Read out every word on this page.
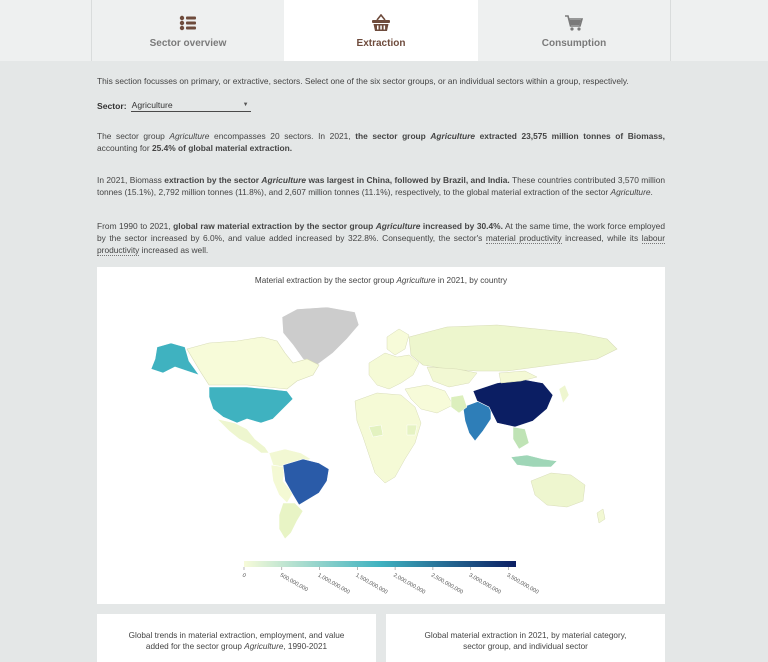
Sector overview	Extraction	Consumption
This section focusses on primary, or extractive, sectors. Select one of the six sector groups, or an individual sectors within a group, respectively.
Sector: Agriculture	▼
The sector group Agriculture encompasses 20 sectors. In 2021, the sector group Agriculture extracted 23,575 million tonnes of Biomass, accounting for 25.4% of global material extraction.
In 2021, Biomass extraction by the sector Agriculture was largest in China, followed by Brazil, and India. These countries contributed 3,570 million tonnes (15.1%), 2,792 million tonnes (11.8%), and 2,607 million tonnes (11.1%), respectively, to the global material extraction of the sector Agriculture.
From 1990 to 2021, global raw material extraction by the sector group Agriculture increased by 30.4%. At the same time, the work force employed by the sector increased by 6.0%, and value added increased by 322.8%. Consequently, the sector's material productivity increased, while its labour productivity increased as well.
Material extraction by the sector group Agriculture in 2021, by country
0	500,000,000 1,000,000,000 1,500,000,000 2,000,000,000 2,500,000,000 3,000,000,000 3,500,000,000
Global trends in material extraction, employment, and value
added for the sector group Agriculture, 1990-2021
Global material extraction in 2021, by material category,
sector group, and individual sector
